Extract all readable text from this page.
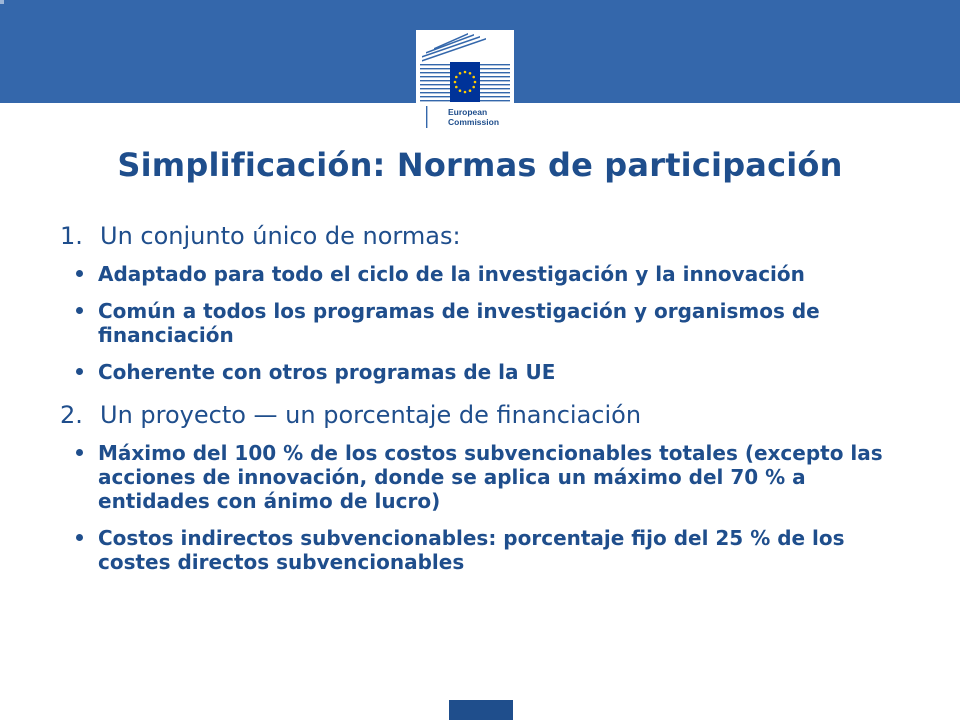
European
Commission
Simplificación: Normas de participación
1. Un conjunto único de normas:
Adaptado para todo el ciclo de la investigación y la innovación
Común a todos los programas de investigación y organismos de financiación
Coherente con otros programas de la UE
2. Un proyecto — un porcentaje de financiación
Máximo del 100 % de los costos subvencionables totales (excepto las acciones de innovación, donde se aplica un máximo del 70 % a entidades con ánimo de lucro)
Costos indirectos subvencionables: porcentaje fijo del 25 % de los costes directos subvencionables
